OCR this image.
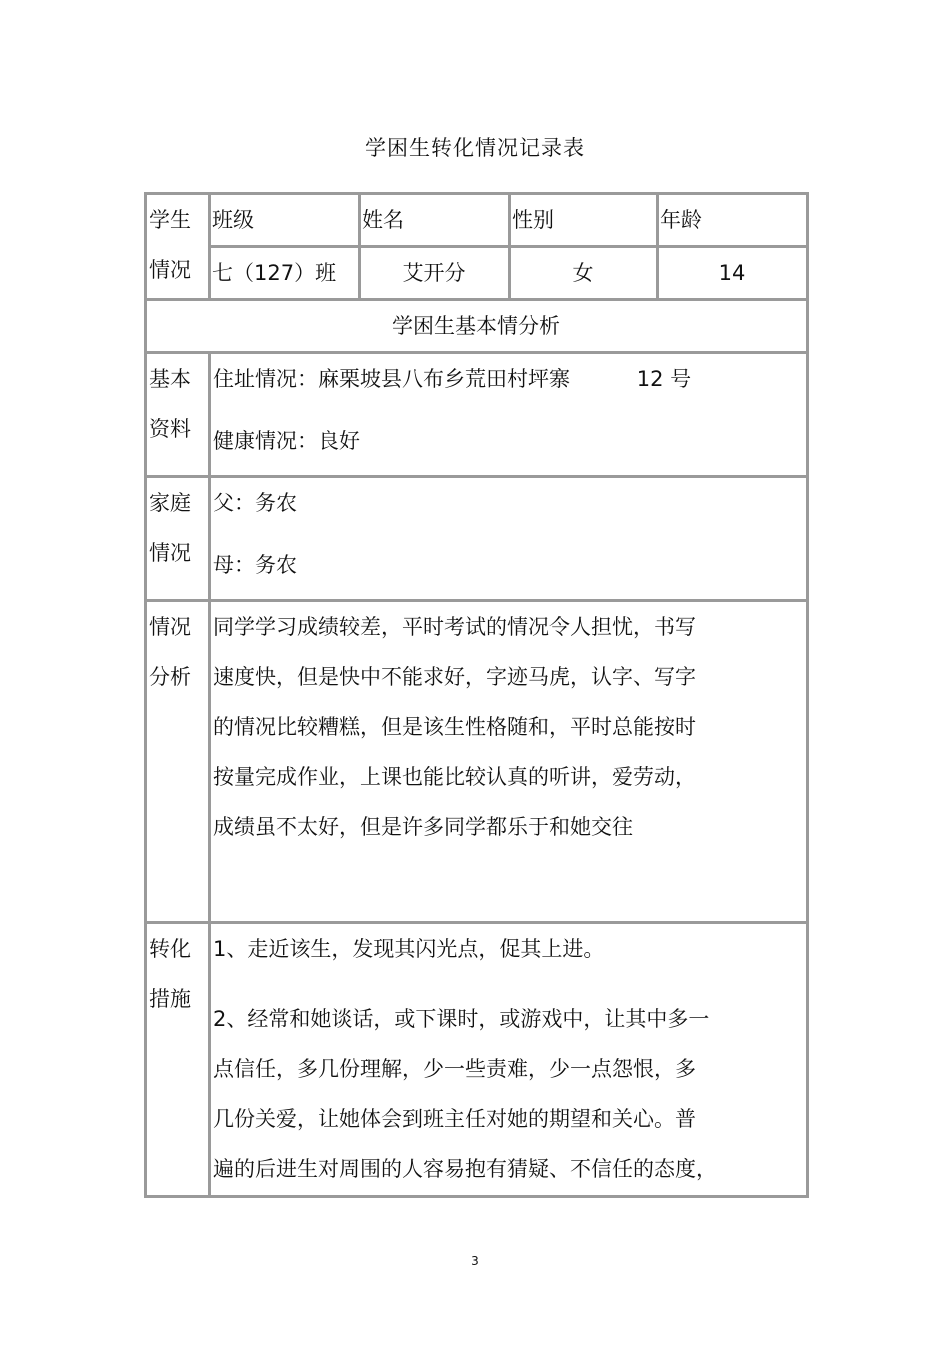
学困生转化情况记录表
学生
情况	班级	姓名	性别	年龄
	七（127）班	艾开分	女	14
学困生基本情分析				

基本
资料	住址情况：麻栗坡县八布乡荒田村坪寨          12 号
健康情况：良好			

家庭
情况	父：务农
母：务农			

情况
分析	同学学习成绩较差，平时考试的情况令人担忧，书写
速度快，但是快中不能求好，字迹马虎，认字、写字
的情况比较糟糕，但是该生性格随和，平时总能按时
按量完成作业，上课也能比较认真的听讲，爱劳动，
成绩虽不太好，但是许多同学都乐于和她交往			

转化
措施	1、走近该生，发现其闪光点，促其上进。
2、经常和她谈话，或下课时，或游戏中，让其中多一
点信任，多几份理解，少一些责难，少一点怨恨，多
几份关爱，让她体会到班主任对她的期望和关心。普
遍的后进生对周围的人容易抱有猜疑、不信任的态度，			
3
